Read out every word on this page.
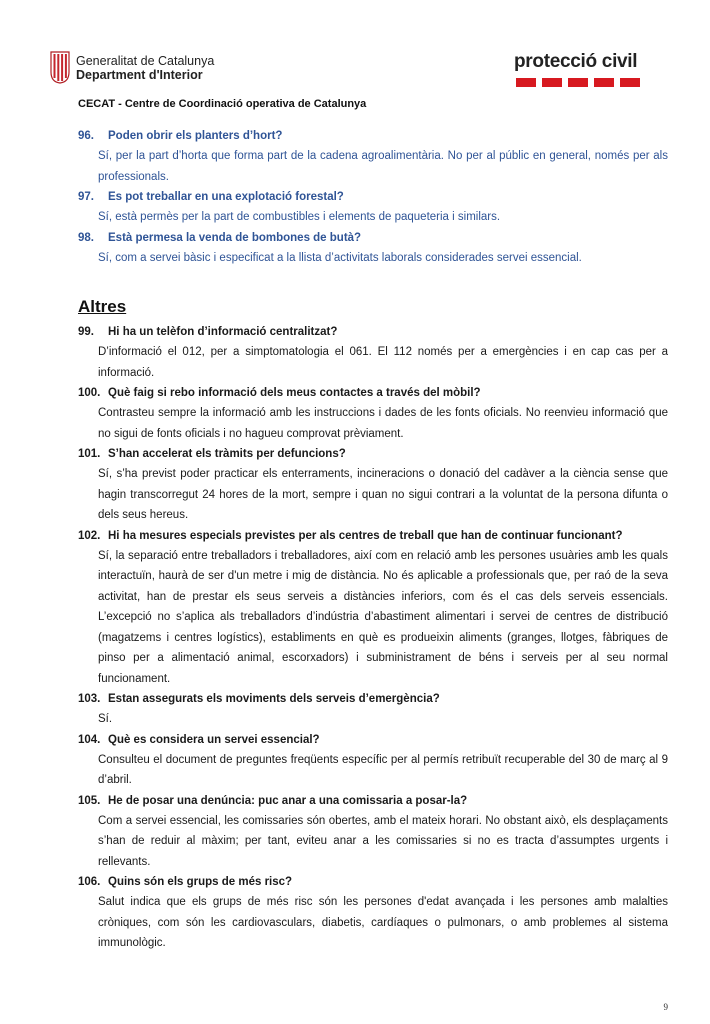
Generalitat de Catalunya
Department d'Interior
protecció civil
CECAT - Centre de Coordinació operativa de Catalunya
96. Poden obrir els planters d’hort?
Sí, per la part d’horta que forma part de la cadena agroalimentària. No per al públic en general, només per als professionals.
97. Es pot treballar en una explotació forestal?
Sí, està permès per la part de combustibles i elements de paqueteria i similars.
98. Està permesa la venda de bombones de butà?
Sí, com a servei bàsic i especificat a la llista d’activitats laborals considerades servei essencial.
Altres
99. Hi ha un telèfon d’informació centralitzat?
D’informació el 012, per a simptomatologia el 061. El 112 només per a emergències i en cap cas per a informació.
100. Què faig si rebo informació dels meus contactes a través del mòbil?
Contrasteu sempre la informació amb les instruccions i dades de les fonts oficials. No reenvieu informació que no sigui de fonts oficials i no hagueu comprovat prèviament.
101. S’han accelerat els tràmits per defuncions?
Sí, s’ha previst poder practicar els enterraments, incineracions o donació del cadàver a la ciència sense que hagin transcorregut 24 hores de la mort, sempre i quan no sigui contrari a la voluntat de la persona difunta o dels seus hereus.
102. Hi ha mesures especials previstes per als centres de treball que han de continuar funcionant?
Sí, la separació entre treballadors i treballadores, així com en relació amb les persones usuàries amb les quals interactuïn, haurà de ser d'un metre i mig de distància. No és aplicable a professionals que, per raó de la seva activitat, han de prestar els seus serveis a distàncies inferiors, com és el cas dels serveis essencials. L’excepció no s’aplica als treballadors d’indústria d’abastiment alimentari i servei de centres de distribució (magatzems i centres logístics), establiments en què es produeixin aliments (granges, llotges, fàbriques de pinso per a alimentació animal, escorxadors) i subministrament de béns i serveis per al seu normal funcionament.
103. Estan assegurats els moviments dels serveis d’emergència?
Sí.
104. Què es considera un servei essencial?
Consulteu el document de preguntes freqüents específic per al permís retribuït recuperable del 30 de març al 9 d’abril.
105. He de posar una denúncia: puc anar a una comissaria a posar-la?
Com a servei essencial, les comissaries són obertes, amb el mateix horari. No obstant això, els desplaçaments s’han de reduir al màxim; per tant, eviteu anar a les comissaries si no es tracta d’assumptes urgents i rellevants.
106. Quins són els grups de més risc?
Salut indica que els grups de més risc són les persones d'edat avançada i les persones amb malalties cròniques, com són les cardiovasculars, diabetis, cardíaques o pulmonars, o amb problemes al sistema immunològic.
9
